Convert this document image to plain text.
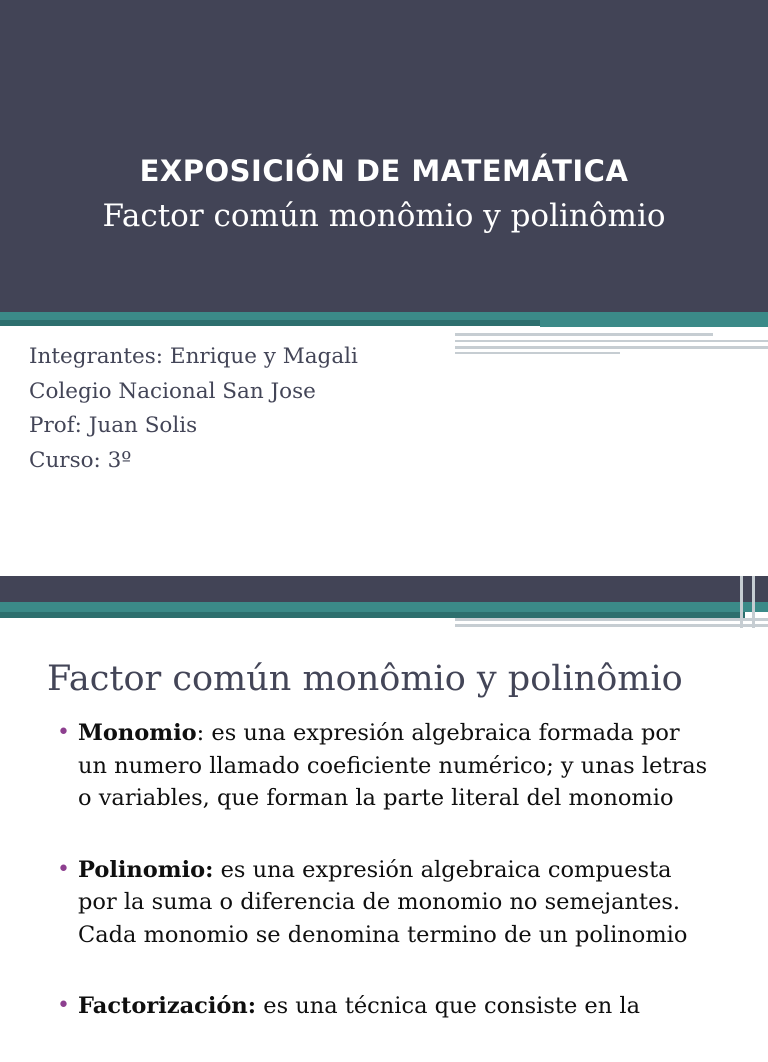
EXPOSICIÓN DE MATEMÁTICA
Factor común monômio y polinômio
Integrantes: Enrique y Magali
Colegio Nacional San Jose
Prof: Juan Solis
Curso: 3º
Factor común monômio y polinômio
• Monomio: es una expresión algebraica formada por
un numero llamado coeficiente numérico; y unas letras
o variables, que forman la parte literal del monomio
• Polinomio: es una expresión algebraica compuesta
por la suma o diferencia de monomio no semejantes.
Cada monomio se denomina termino de un polinomio
• Factorización: es una técnica que consiste en la
